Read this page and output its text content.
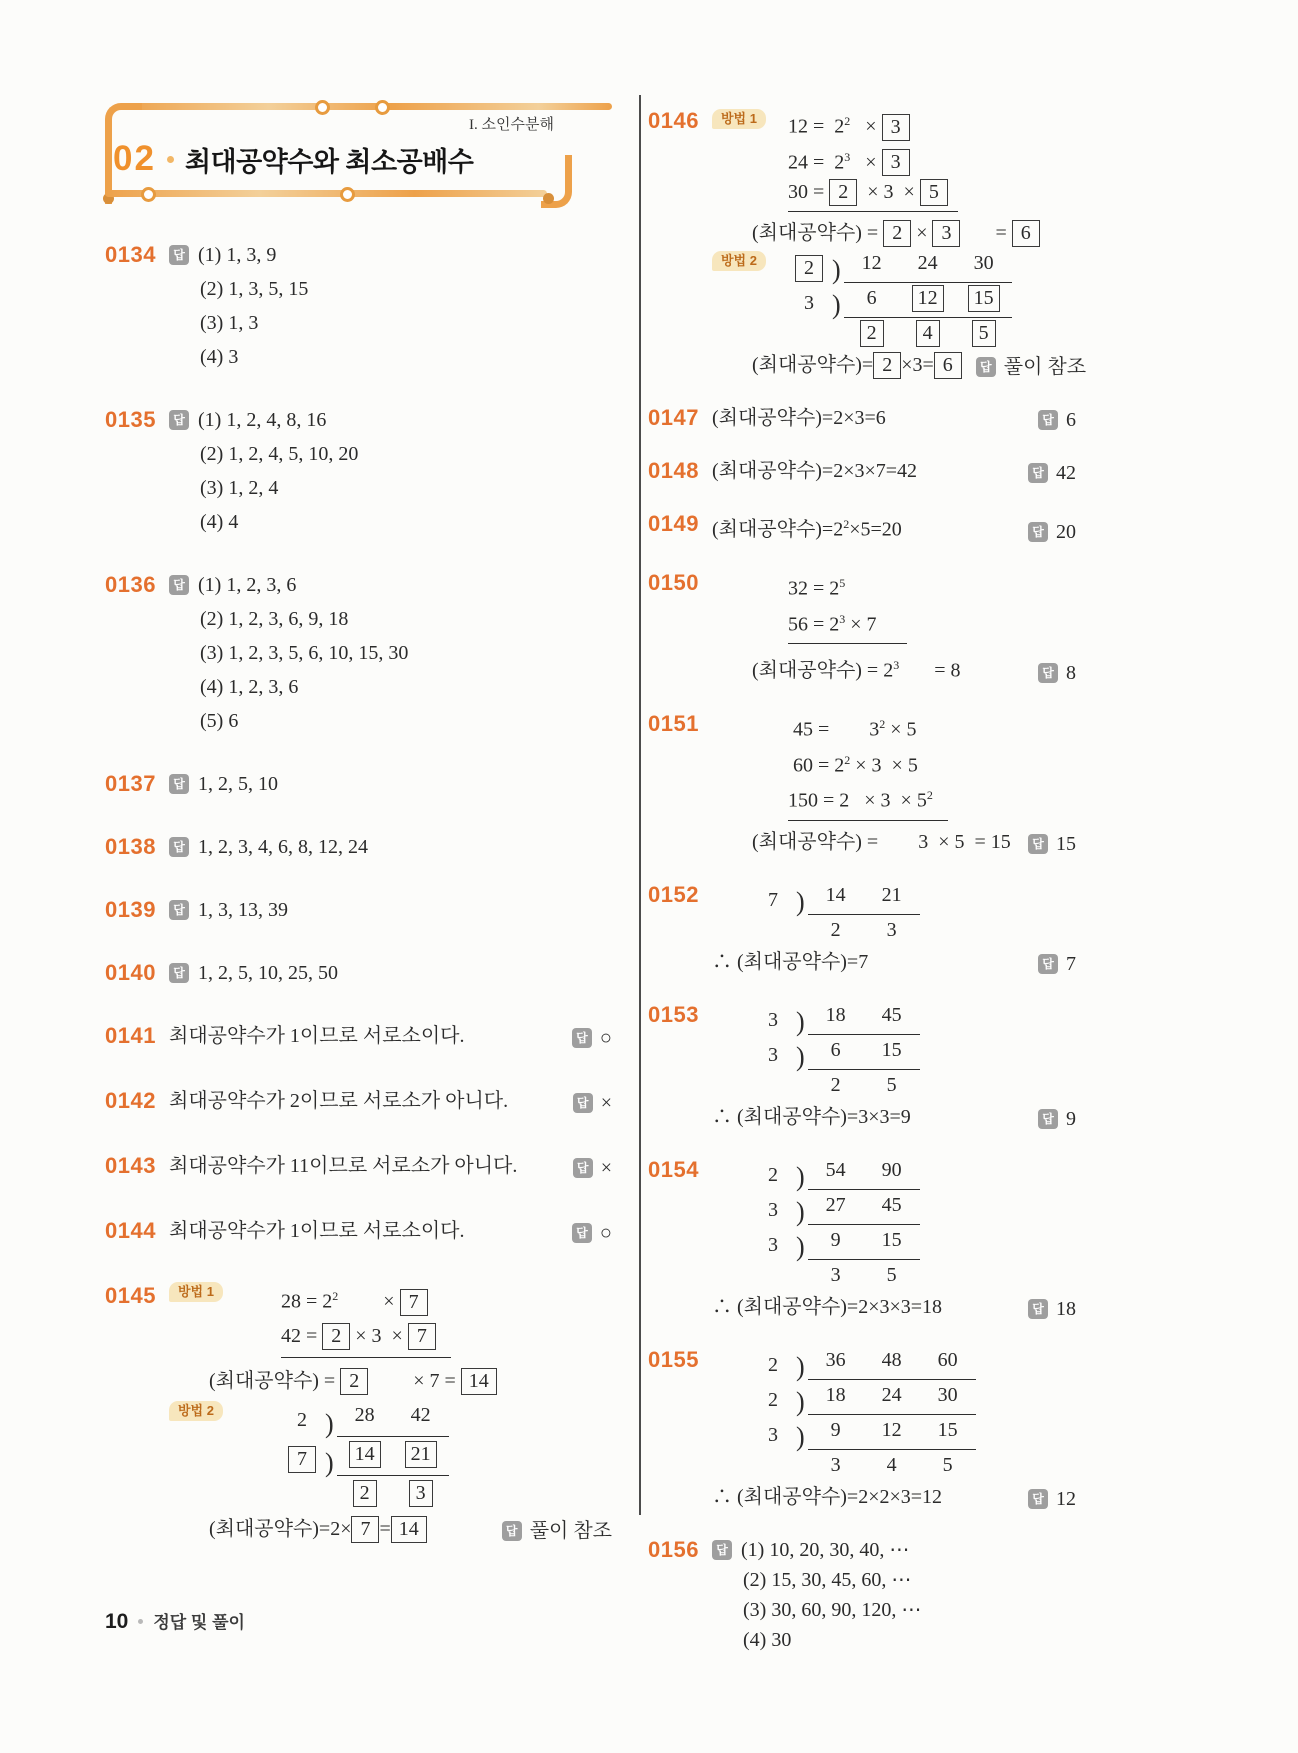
I. 소인수분해
02 최대공약수와 최소공배수
0134	답 (1) 1, 3, 9
(2) 1, 3, 5, 15
(3) 1, 3
(4) 3
0135	답 (1) 1, 2, 4, 8, 16
(2) 1, 2, 4, 5, 10, 20
(3) 1, 2, 4
(4) 4
0136	답 (1) 1, 2, 3, 6
(2) 1, 2, 3, 6, 9, 18
(3) 1, 2, 3, 5, 6, 10, 15, 30
(4) 1, 2, 3, 6
(5) 6
0137	답 1, 2, 5, 10
0138	답 1, 2, 3, 4, 6, 8, 12, 24
0139	답 1, 3, 13, 39
0140	답 1, 2, 5, 10, 25, 50
0141 최대공약수가 1이므로 서로소이다.	답 ○
0142 최대공약수가 2이므로 서로소가 아니다.	답 ×
0143 최대공약수가 11이므로 서로소가 아니다.	답 ×
0144 최대공약수가 1이므로 서로소이다.	답 ○
0145	방법 1	$28 = 2^2$         × 7
42 = 2 × 3  × 7
(최대공약수) = 2         × 7 = 14
방법 2	2 )	28	42
7 )	14	21
2	3
(최대공약수)=2× 7 = 14	답 풀이 참조
0146	방법 1	$12 = 2^2 \times 3$
$24 = 2^3 \times 3$
30 = 2  × 3  × 5
(최대공약수) = 2 × 3       = 6
방법 2	2 )	12	24	30
3 )	6	12	15
2	4	5
(최대공약수)= 2 ×3= 6	답 풀이 참조
0147 (최대공약수)=2×3=6	답 6
0148 (최대공약수)=2×3×7=42	답 42
0149 (최대공약수)$=2^2\times 5=20$	답 20
0150	$32 = 2^5$
$56 = 2^3 \times 7$
(최대공약수) = $2^3$       = 8	답 8
0151	45 =        $3^2 \times 5$
$60 = 2^2 \times 3 \times 5$
$150 = 2 \times 3 \times 5^2$
(최대공약수) =        3  × 5  = 15	답 15
0152	7 )	14	21
2	3
∴ (최대공약수)=7	답 7
0153	3 )	18	45
3 )	6	15
2	5
∴ (최대공약수)=3×3=9	답 9
0154	2 )	54	90
3 )	27	45
3 )	9	15
3	5
∴ (최대공약수)=2×3×3=18	답 18
0155	2 )	36	48	60
2 )	18	24	30
3 )	9	12	15
3	4	5
∴ (최대공약수)=2×2×3=12	답 12
0156	답 (1) 10, 20, 30, 40, ⋯
(2) 15, 30, 45, 60, ⋯
(3) 30, 60, 90, 120, ⋯
(4) 30
10 정답 및 풀이
